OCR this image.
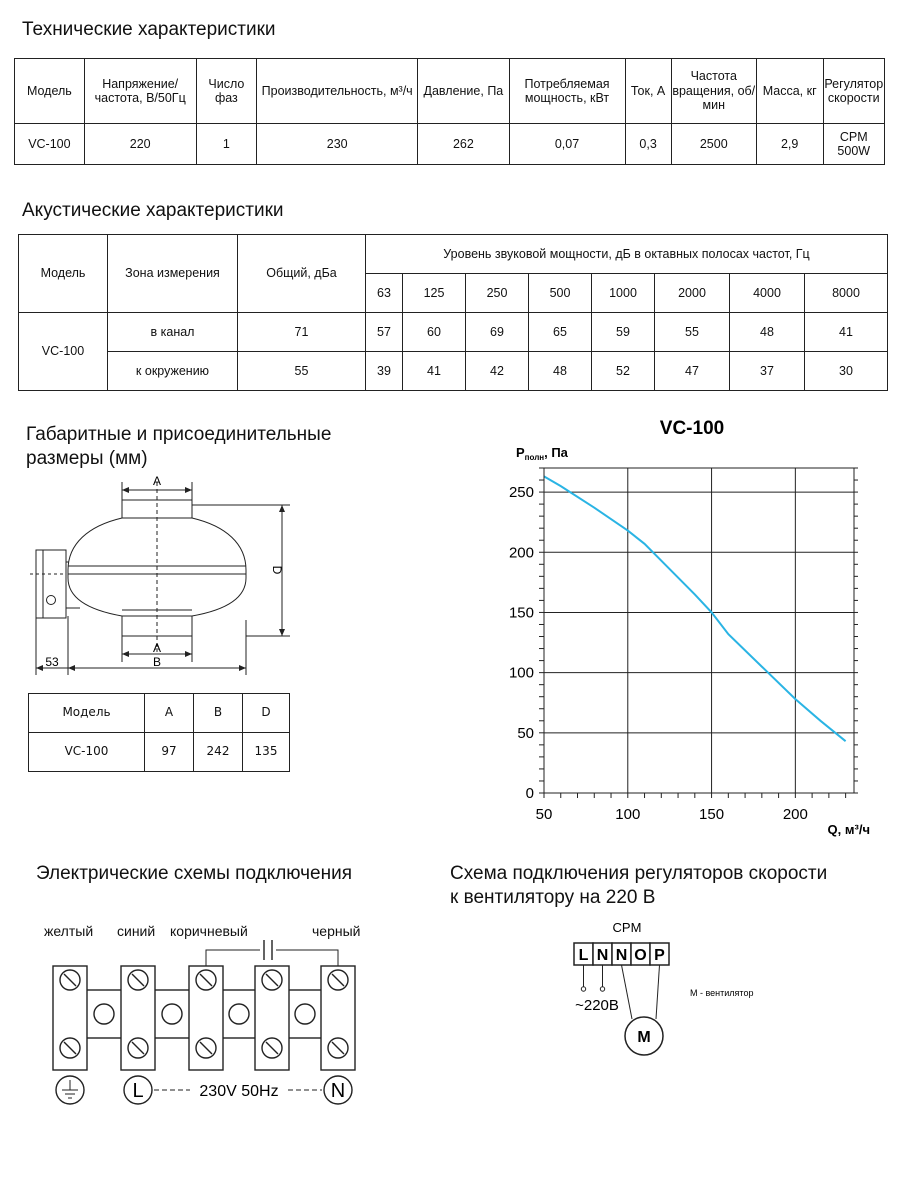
Технические характеристики
Модель	Напряжение/ частота, В/50Гц	Число фаз	Производительность, м³/ч	Давление, Па	Потребляемая мощность, кВт	Ток, А	Частота вращения, об/мин	Масса, кг	Регулятор скорости
VC-100	220	1	230	262	0,07	0,3	2500	2,9	CPM 500W
Акустические характеристики
Модель	Зона измерения	Общий, дБа	Уровень звуковой мощности, дБ в октавных полосах частот, Гц							
			63	125	250	500	1000	2000	4000	8000
VC-100	в канал	71	57	60	69	65	59	55	48	41
	к окружению	55	39	41	42	48	52	47	37	30
Габаритные и присоединительные
размеры (мм)
A
A
B
53
D
Модель	A	B	D
VC-100	97	242	135
VC-100
$P_{полн}$, Па
Q, м³/ч
50	100	150	200
0
50
100
150
200
250
Электрические схемы подключения
желтый синий коричневый	черный
L	N
230V 50Hz
Схема подключения регуляторов скорости
к вентилятору на 220 В
CPM
L N N O P
~220В
M
М - вентилятор
